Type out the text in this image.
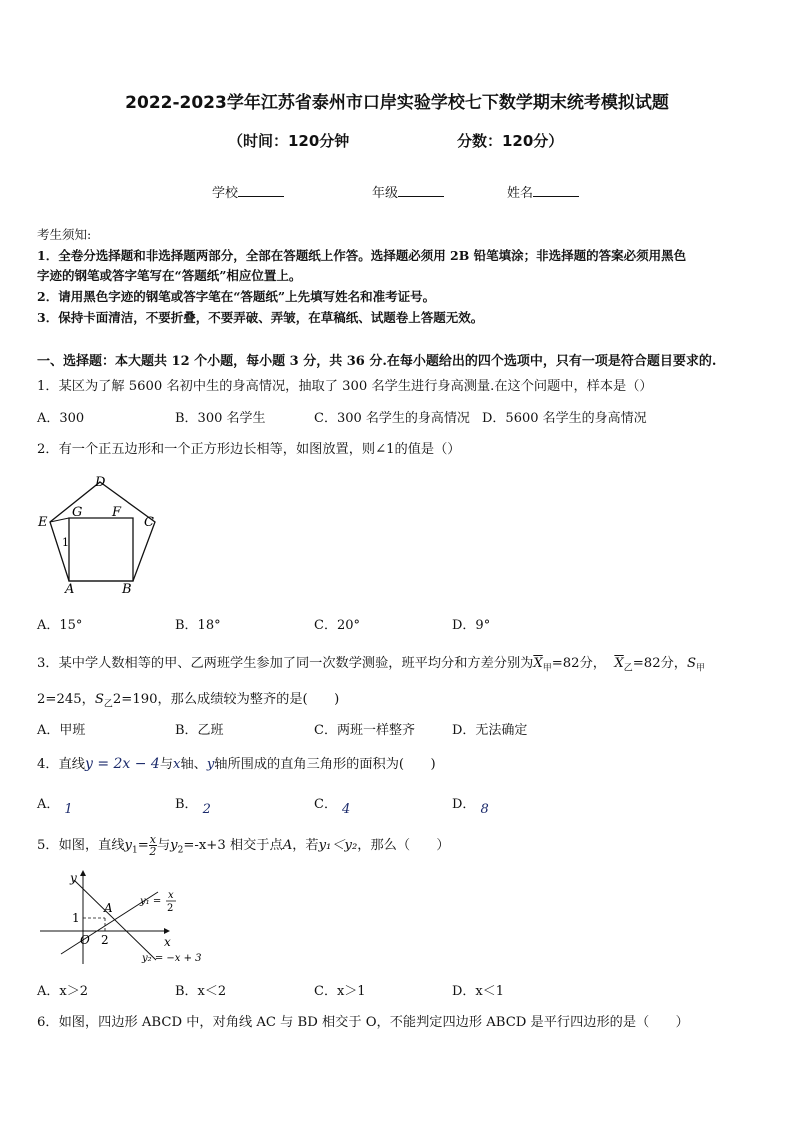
2022-2023学年江苏省泰州市口岸实验学校七下数学期末统考模拟试题
（时间：120分钟	分数：120分）
学校	年级	姓名
考生须知:
1．全卷分选择题和非选择题两部分，全部在答题纸上作答。选择题必须用 2B 铅笔填涂；非选择题的答案必须用黑色
字迹的钢笔或答字笔写在“答题纸”相应位置上。
2．请用黑色字迹的钢笔或答字笔在“答题纸”上先填写姓名和准考证号。
3．保持卡面清洁，不要折叠，不要弄破、弄皱，在草稿纸、试题卷上答题无效。
一、选择题：本大题共 12 个小题，每小题 3 分，共 36 分.在每小题给出的四个选项中，只有一项是符合题目要求的.
1．某区为了解 5600 名初中生的身高情况，抽取了 300 名学生进行身高测量.在这个问题中，样本是（）
A．300	B．300 名学生	C．300 名学生的身高情况 D．5600 名学生的身高情况
2．有一个正五边形和一个正方形边长相等，如图放置，则∠1的值是（）
D
E
G F
C
1
A	B
A．15°	B．18°	C．20°	D．9°
3．某中学人数相等的甲、乙两班学生参加了同一次数学测验，班平均分和方差分别为$\overline{X}_甲=82$分， $\overline{X}_乙=82$分，$S_甲$
2=245，$S_乙2=190$，那么成绩较为整齐的是(　　)
A．甲班	B．乙班	C．两班一样整齐	D．无法确定
4．直线y = 2x − 4与x轴、y轴所围成的直角三角形的面积为(　　)
A． 1	B． 2	C． 4	D． 8
5．如图，直线$y_1= \frac{x}{2}$ 与$y_2=-x+3$ 相交于点A，若y₁＜y₂，那么（　　）
y
x
O
1
2
A	y₁ =
x
2
y₂ = −x + 3
A．x＞2	B．x＜2	C．x＞1	D．x＜1
6．如图，四边形 ABCD 中，对角线 AC 与 BD 相交于 O，不能判定四边形 ABCD 是平行四边形的是（　　）
